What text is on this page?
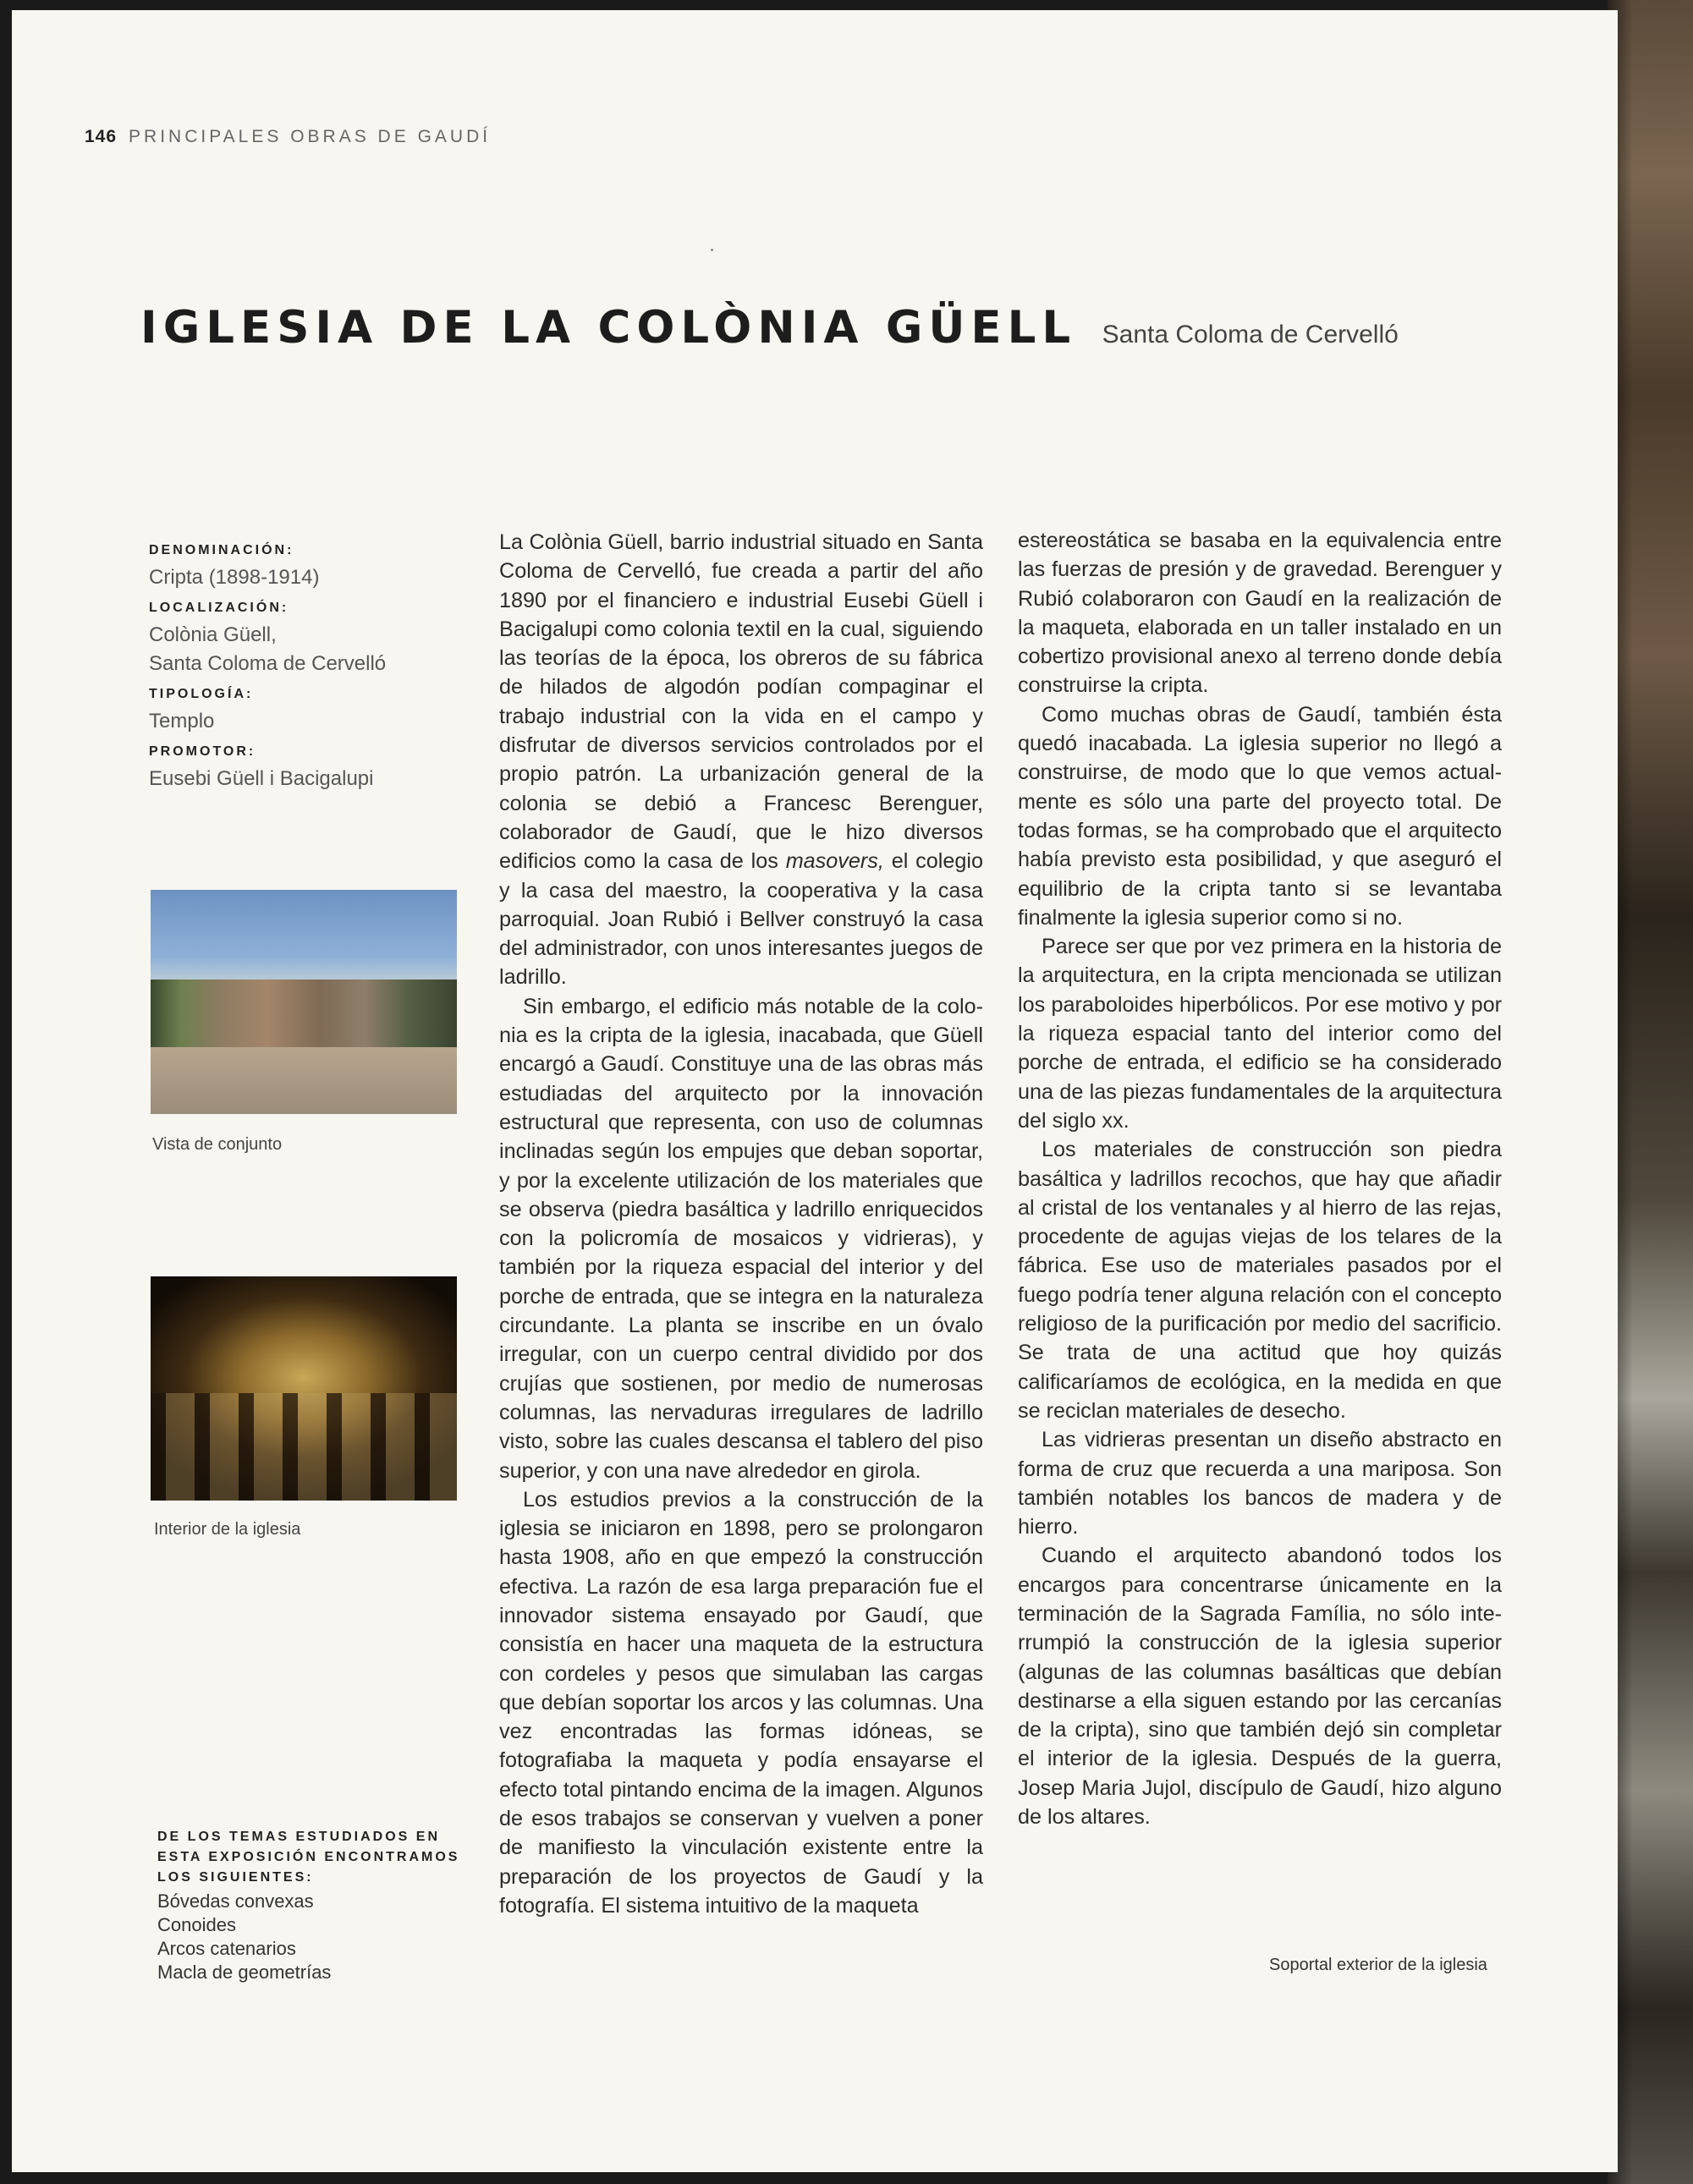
146 PRINCIPALES OBRAS DE GAUDÍ
IGLESIA DE LA COLÒNIA GÜELL Santa Coloma de Cervelló
DENOMINACIÓN:
Cripta (1898-1914)
LOCALIZACIÓN:
Colònia Güell,
Santa Coloma de Cervelló
TIPOLOGÍA:
Templo
PROMOTOR:
Eusebi Güell i Bacigalupi
Vista de conjunto
Interior de la iglesia
DE LOS TEMAS ESTUDIADOS EN
ESTA EXPOSICIÓN ENCONTRAMOS
LOS SIGUIENTES:
Bóvedas convexas
Conoides
Arcos catenarios
Macla de geometrías

La Colònia Güell, barrio industrial situado en Santa Coloma de Cervelló, fue creada a partir del año 1890 por el financiero e industrial Eusebi Güell i Bacigalupi como colonia textil en la cual, siguiendo las teorías de la época, los obreros de su fábrica de hilados de algodón podían compaginar el trabajo industrial con la vida en el campo y disfrutar de diversos servicios controlados por el propio patrón. La urbanización general de la colonia se debió a Francesc Berenguer, colaborador de Gaudí, que le hizo diversos edificios como la casa de los masovers, el colegio y la casa del maestro, la cooperativa y la casa parroquial. Joan Rubió i Bellver construyó la casa del administrador, con unos interesantes juegos de ladrillo.

Sin embargo, el edificio más notable de la colonia es la cripta de la iglesia, inacabada, que Güell encargó a Gaudí. Constituye una de las obras más estudiadas del arquitecto por la innovación estructural que representa, con uso de columnas inclinadas según los empujes que deban soportar, y por la excelente utilización de los materiales que se observa (piedra basáltica y ladrillo enriquecidos con la policromía de mosaicos y vidrieras), y también por la riqueza espacial del interior y del porche de entrada, que se integra en la naturaleza circundante. La planta se inscribe en un óvalo irregular, con un cuerpo central dividido por dos crujías que sostienen, por medio de numerosas columnas, las nervaduras irregulares de ladrillo visto, sobre las cuales descansa el tablero del piso superior, y con una nave alrededor en girola.

Los estudios previos a la construcción de la iglesia se iniciaron en 1898, pero se prolongaron hasta 1908, año en que empezó la construcción efectiva. La razón de esa larga preparación fue el innovador sistema ensayado por Gaudí, que consistía en hacer una maqueta de la estructura con cordeles y pesos que simulaban las cargas que debían soportar los arcos y las columnas. Una vez encontradas las formas idóneas, se fotografiaba la maqueta y podía ensayarse el efecto total pintando encima de la imagen. Algunos de esos trabajos se conservan y vuelven a poner de manifiesto la vinculación existente entre la preparación de los proyectos de Gaudí y la fotografía. El sistema intuitivo de la maqueta

estereostática se basaba en la equivalencia entre las fuerzas de presión y de gravedad. Berenguer y Rubió colaboraron con Gaudí en la realización de la maqueta, elaborada en un taller instalado en un cobertizo provisional anexo al terreno donde debía construirse la cripta.

Como muchas obras de Gaudí, también ésta quedó inacabada. La iglesia superior no llegó a construirse, de modo que lo que vemos actualmente es sólo una parte del proyecto total. De todas formas, se ha comprobado que el arquitecto había previsto esta posibilidad, y que aseguró el equilibrio de la cripta tanto si se levantaba finalmente la iglesia superior como si no.

Parece ser que por vez primera en la historia de la arquitectura, en la cripta mencionada se utilizan los paraboloides hiperbólicos. Por ese motivo y por la riqueza espacial tanto del interior como del porche de entrada, el edificio se ha considerado una de las piezas fundamentales de la arquitectura del siglo xx.

Los materiales de construcción son piedra basáltica y ladrillos recochos, que hay que añadir al cristal de los ventanales y al hierro de las rejas, procedente de agujas viejas de los telares de la fábrica. Ese uso de materiales pasados por el fuego podría tener alguna relación con el concepto religioso de la purificación por medio del sacrificio. Se trata de una actitud que hoy quizás calificaríamos de ecológica, en la medida en que se reciclan materiales de desecho.

Las vidrieras presentan un diseño abstracto en forma de cruz que recuerda a una mariposa. Son también notables los bancos de madera y de hierro.

Cuando el arquitecto abandonó todos los encargos para concentrarse únicamente en la terminación de la Sagrada Família, no sólo interrumpió la construcción de la iglesia superior (algunas de las columnas basálticas que debían destinarse a ella siguen estando por las cercanías de la cripta), sino que también dejó sin completar el interior de la iglesia. Después de la guerra, Josep Maria Jujol, discípulo de Gaudí, hizo alguno de los altares.

Soportal exterior de la iglesia
